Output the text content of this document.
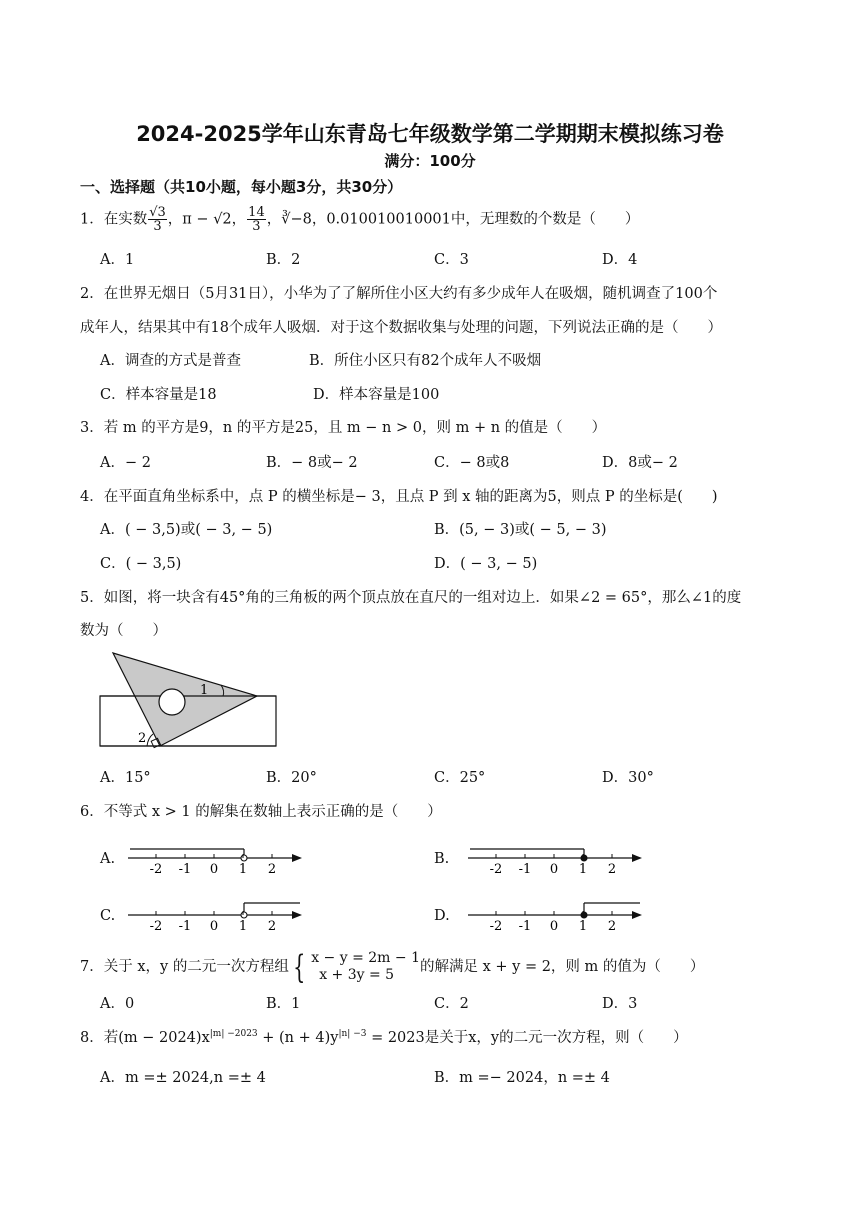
2024-2025学年山东青岛七年级数学第二学期期末模拟练习卷
满分：100分
一、选择题（共10小题，每小题3分，共30分）
1．在实数 $\frac{√3}{3}$ ，π − √2， $\frac{14}{3}$ ，∛−8，0.010010010001中，无理数的个数是（　　）
A．1	B．2	C．3	D．4
2．在世界无烟日（5月31日），小华为了了解所住小区大约有多少成年人在吸烟，随机调查了100个
成年人，结果其中有18个成年人吸烟．对于这个数据收集与处理的问题，下列说法正确的是（　　）
A．调查的方式是普查	B．所住小区只有82个成年人不吸烟
C．样本容量是18	D．样本容量是100
3．若 m 的平方是9，n 的平方是25，且 m − n > 0，则 m + n 的值是（　　）
A．− 2	B．− 8或− 2	C．− 8或8	D．8或− 2
4．在平面直角坐标系中，点 P 的横坐标是− 3，且点 P 到 x 轴的距离为5，则点 P 的坐标是(　　)
A．( − 3,5)或( − 3, − 5)	B．(5, − 3)或( − 5, − 3)
C．( − 3,5)	D．( − 3, − 5)
5．如图，将一块含有45°角的三角板的两个顶点放在直尺的一组对边上．如果∠2 = 65°，那么∠1的度
数为（　　）
1
2
A．15°	B．20°	C．25°	D．30°
6．不等式 x > 1 的解集在数轴上表示正确的是（　　）
A.	B.
C.	D.
-2 -1 0 1 2	-2 -1 0 1 2
-2 -1 0 1 2	-2 -1 0 1 2
7．关于 x，y 的二元一次方程组 { x − y = 2m − 1
x + 3y = 5	的解满足 x + y = 2，则 m 的值为（　　）
A．0	B．1	C．2	D．3
8．若$(m - 2024)x^{|m| -2023} + (n + 4)y^{|n| -3} = 2023$是关于x，y的二元一次方程，则（　　）
A．m =± 2024,n =± 4	B．m =− 2024，n =± 4
